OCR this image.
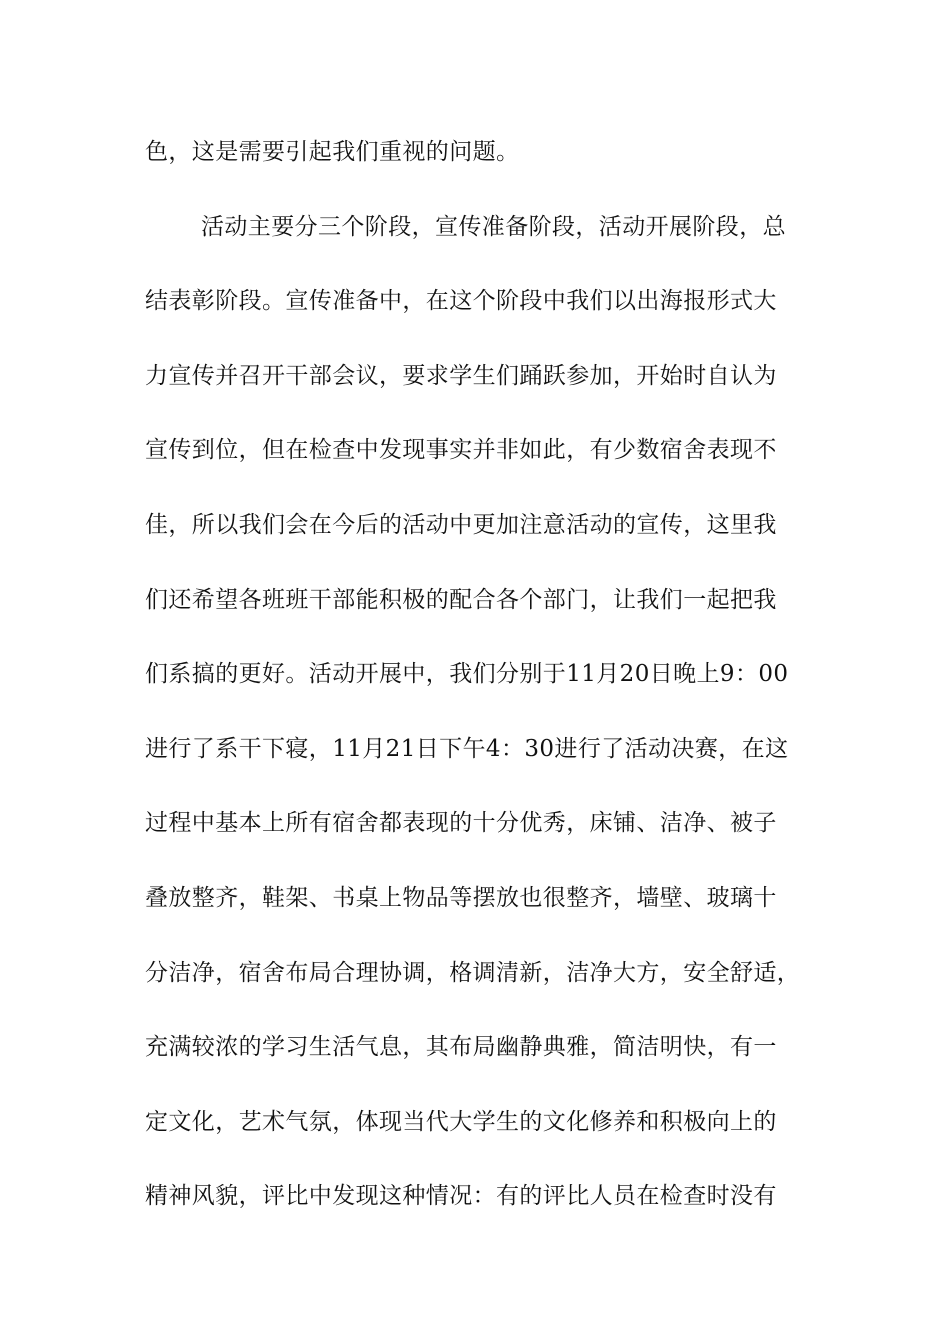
色，这是需要引起我们重视的问题。
活动主要分三个阶段，宣传准备阶段，活动开展阶段，总
结表彰阶段。宣传准备中，在这个阶段中我们以出海报形式大
力宣传并召开干部会议，要求学生们踊跃参加，开始时自认为
宣传到位，但在检查中发现事实并非如此，有少数宿舍表现不
佳，所以我们会在今后的活动中更加注意活动的宣传，这里我
们还希望各班班干部能积极的配合各个部门，让我们一起把我
们系搞的更好。活动开展中，我们分别于11月20日晚上9：00
进行了系干下寝，11月21日下午4：30进行了活动决赛，在这
过程中基本上所有宿舍都表现的十分优秀，床铺、洁净、被子
叠放整齐，鞋架、书桌上物品等摆放也很整齐，墙壁、玻璃十
分洁净，宿舍布局合理协调，格调清新，洁净大方，安全舒适，
充满较浓的学习生活气息，其布局幽静典雅，简洁明快，有一
定文化，艺术气氛，体现当代大学生的文化修养和积极向上的
精神风貌，评比中发现这种情况：有的评比人员在检查时没有
